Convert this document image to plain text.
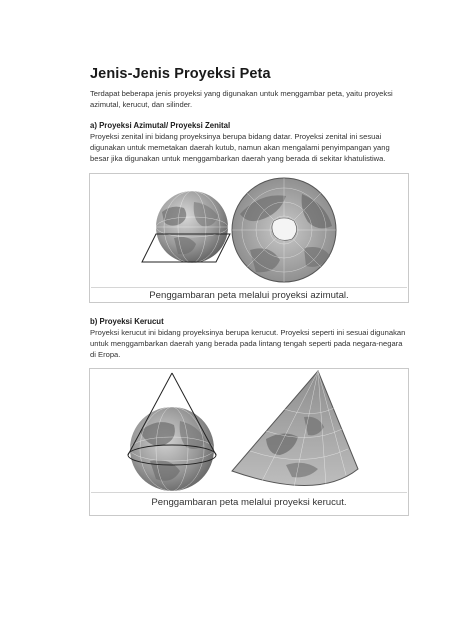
Jenis-Jenis Proyeksi Peta
Terdapat beberapa jenis proyeksi yang digunakan untuk menggambar peta, yaitu proyeksi
azimutal, kerucut, dan silinder.
a) Proyeksi Azimutal/ Proyeksi Zenital
Proyeksi zenital ini bidang proyeksinya berupa bidang datar. Proyeksi zenital ini sesuai
digunakan untuk memetakan daerah kutub, namun akan mengalami penyimpangan yang
besar jika digunakan untuk menggambarkan daerah yang berada di sekitar khatulistiwa.
Penggambaran peta melalui proyeksi azimutal.
b) Proyeksi Kerucut
Proyeksi kerucut ini bidang proyeksinya berupa kerucut. Proyeksi seperti ini sesuai digunakan
untuk menggambarkan daerah yang berada pada lintang tengah seperti pada negara-negara
di Eropa.
Penggambaran peta melalui proyeksi kerucut.
